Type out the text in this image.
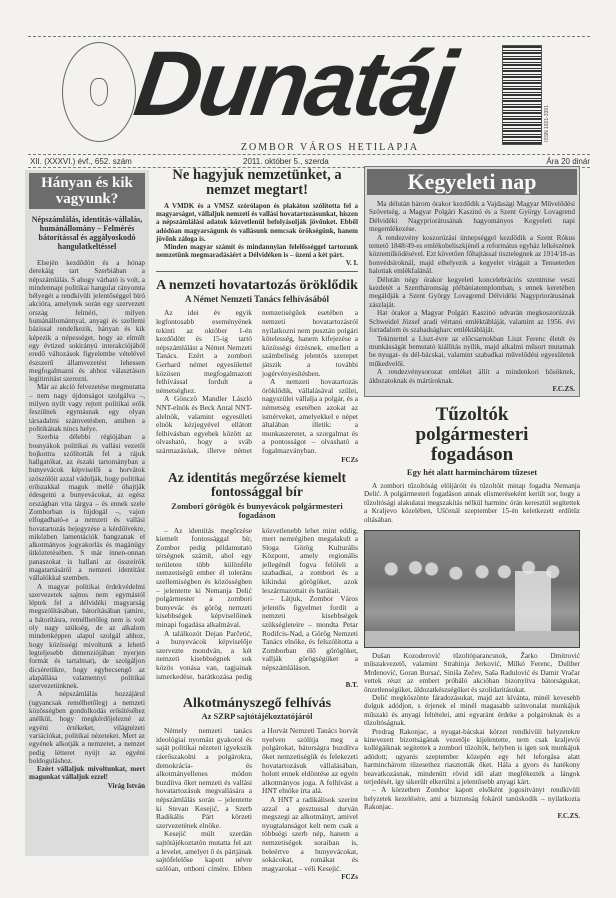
Dunatáj	ISSN 1821-3391
ZOMBOR VÁROS HETILAPJA
XII. (XXXVI.) évf., 652. szám	2011. október 5., szerda	Ára 20 dinár
Hányan és kik vagyunk?
Népszámlálás, identitás-vállalás, humánállomány – Felmérés bátorítással és aggályoskodó hangulatkeltéssel

Elsején kezdődött és a hónap derekáig tart Szerbiában a népszámlálás. S ahogy várható is volt, a mindennapi politikai hangulat rányomta bélyegét a rendkívüli jelentőséggel bíró akcióra, amelynek során egy szervezett ország felméri, milyen humánállománnyal, anyagi és szellemi bázissal rendelkezik, hányan és kik képezik a népességet, hogy az elmúlt egy évtized sokirányú interakciójából eredő változások figyelembe vételével észszerű államvezetést lehessen megfogalmazni és ahhoz választáson legitimitást szerezni.

Már az akció felvezetése megmutatta – nem nagy újdonságot szolgálva –, milyen nyílt vagy rejtett politikai erők feszülnek egymásnak egy olyan társadalmi számvetésben, amiben a politikának nincs helye.

Szerbia délebbi régiójában a bosnyákok politikai és vallási vezetői bojkottra szólították fel a rájuk hallgatókat, az északi tartományban a bunyevácok képviselői a horvátok szószólóit azzal vádolják, hogy politikai erőszakkal maguk mellé óhajtják édesgetni a bunyevácokat, az egész országban vita tárgya – és ennek szele Zomborban is fújdogál –, vajon elfogadható-e a nemzeti és vallási hovatartozás bejegyzése a kérdőívekre, miközben lamentációk hangzanak el alkotmányos jogyakorlás és magánügy ütköztetésében. S már innen-onnan panaszokat is hallani az összeírók magatartásáról a nemzeti identitást vállalókkal szemben.

A magyar politikai érdekvédelmi szervezetek sajnos nem egymástól léptek fel a délvidéki magyarság megszólításában, bátorításában (amire, a bátorításra, remélhetőleg nem is volt oly nagy szükség, de az alkalom mindenképpen alapul szolgál ahhoz, hogy közösségi mivoltunk a lehető legteljesebb dimenziójában nyerjen formát és tartalmat), de szolgáljon dicséretükre, hogy egybecsengő az alapállása valamennyi politikai szervezetünknek.

A népszámlálás hozzájárul (ugyancsak remélhetőleg) a nemzeti közösségben gondolkodás erősítéséhez anélkül, hogy megkérdőjelezné az egyéni értékeket, világnézeti variációkat, politikai nézeteket. Mert az egyének alkotják a nemzetet, a nemzet pedig létteret nyújt az egyéni boldoguláshoz.

Ezért vállaljuk mivoltunkat, mert magunkat vállaljuk ezzel!

Virág István
Ne hagyjuk nemzetünket, a nemzet megtart!

A VMDK és a VMSZ szórólapon és plakáton szólította fel a magyarságot, vállaljuk nemzeti és vallási hovatartozásunkat, hiszen a népszámlálási adatok közvetlenül befolyásolják jövőnket. Ebből adódóan magyarságunk és vallásunk nemcsak örökségünk, hanem jövőnk záloga is.

Minden magyar számít és mindannyian felelősséggel tartozunk nemzetünk megmaradásáért a Délvidéken is – üzeni a két párt.

V. I.
A nemzeti hovatartozás öröklődik
A Német Nemzeti Tanács felhívásából

Az idei év egyik legfontosabb eseményének tekinti az október 1-én kezdődött és 15-ig tartó népszámlálást a Német Nemzeti Tanács. Ezért a zombori Gerhard német egyesülettel közösen megfogalmazott felhívással fordult a németséghez.

A Gönczö Mandler László NNT-elnök és Beck Antal NNT-alelnök, valamint egyesületi elnök kézjegyével ellátott felhívásban egyebek között az olvasható, hogy a sváb származásúak, illetve német nemzetiségűek esetében a nemzeti hovatartozásról nyilatkozni nem pusztán polgári kötelesség, hanem kifejezése a közösségi érzésnek, emellett a számbeliség jelentős szerepet játszik a további jogérvényesítésben.

A nemzeti hovatartozás öröklődik, vállalásával szülei, nagyszülei vállalja a polgár, és a németség esetében azokat az ismérveket, amelyekkel e népet általában illetik: a munkaszeretet, a szorgalmat és a pontosságot – olvasható a fogalmazványban.

FCZs
Az identitás megőrzése kiemelt fontossággal bír
Zombori görögök és bunyevácok polgármesteri fogadáson

– Az identitás megőrzése kiemelt fontossággal bír, Zombor pedig példamutató térségnek számít, ahol egy területen több különféle nemzetiségű ember él toleráns szellemiségben és közösségben – jelentette ki Nemanja Delić polgármester a zombori bunyevác és görög nemzeti kisebbségek képviselőinek minapi fogadása alkalmával.

A találkozót Dejan Parčetić, a bunyevácok képviselője szervezte mondván, a két nemzeti kisebbségnek sok közös vonása van, tagjainak ismerkedése, barátkozása pedig közvetlenebb lehet mint eddig, mert nemrégiben megalakult a Sloga Görög Kulturális Központ, amely regionális jellegénél fogva felöleli a szabadkai, a zombori és a kikindai görögöket, azok leszármazottait és barátait.

– Látjuk, Zombor Város jelentős figyelmet fordít a nemzeti kisebbségek szükségleteire – mondta Petar Rodifcis-Nad, a Görög Nemzeti Tanács elnöke, és felszólította a Zomborban élő görögöket, vallják görögségüket a népszámláláson.

B.T.
Alkotmányszegő felhívás
Az SZRP sajtótájékoztatójáról

Némely nemzeti tanács ideológiai nyomást gyakorol és saját politikai nézeteit igyekszik ráerőszakolni a polgárokra, demokrácia- és alkotmányellenes módon buzdítva őket nemzeti és vallási hovatartozásuk megvallására a népszámlálás során – jelentette ki Stevan Kesejić, a Szerb Radikális Párt körzeti szervezetének elnöke.

Kesejić múlt szerdán sajtótájékoztatón mutatta fel azt a levelet, amelyet ő és pártjának sajtófelelőse kapott névre szólóan, otthoni címére. Ebben a Horvát Nemzeti Tanács horvát nyelven szólítja meg a polgárokat, bátorságra buzdítva őket nemzetiségük és felekezeti hovatartozásuk vállalásában, holott ennek eldöntése az egyén alkotmányos joga. A felhívást a HNT elnöke írta alá.

A HNT a radikálisok szerint azzal a gesztussal durván megszegi az alkotmányt, amivel nyugtalanságot kelt nem csak a többségi szerb nép, hanem a nemzetiségek soraiban is, beleértve a bunyevácokat, sokácokat, romákat és magyarokat – véli Kesejić.

FCZs
Kegyeleti nap

Ma délután három órakor kezdődik a Vajdasági Magyar Művelődési Szövetség, a Magyar Polgári Kaszinó és a Szent György Lovagrend Délvidéki Nagypriorátusának hagyományos Kegyeleti napi megemlékezése.

A rendezvény koszorúzási ünnepséggel kezdődik a Szent Rókus temető 1848/49-es emlékobeliszkjénél a református egyház lelkészének közreműködésével. Ezt követően főhajtással tisztelegnek az 1914/18-as honvédsíroknál, majd elhelyezik a kegyelet virágait a Tenuetetlen halottak emlékfalánál.

Délután négy órakor kegyeleti koncelebrációs szentmise veszi kezdetét a Szentháromság plébániatemplomban, s ennek keretében megáldják a Szent György Lovagrend Délvidéki Nagypriorátusának zászlaját.

Hat órakor a Magyar Polgári Kaszinó udvarán megkoszorúzzák Schweidel József aradi vértanú emléktábláját, valamint az 1956. évi forradalom és szabadságharc emléktábláját.

Tekintettel a Liszt-évre az előcsarnokban Liszt Ferenc életét és munkásságát bemutató kiállítás nyílik, majd alkalmi műsort mutatnak be nyugat- és dél-bácskai, valamint szabadkai művelődési egyesületek műkedvelői.

A rendezvénysorozat emléket állít a mindenkori hősöknek, áldozatoknak és mártíroknak.

F.C.ZS.
Tűzoltók polgármesteri fogadáson
Egy hét alatt harminchárom tűzeset
A zombori tűzoltóság elöljáróit és tűzoltóit minap fogadta Nemanja Delić. A polgármesteri fogadáson annak elismeréseként került sor, hogy a tűzoltósági alakulatai megszakítás nélkül harminc órán keresztül segítettek a Kraljevo közelében, Ušćenál szeptember 15-én keletkezett erdőtűz oltásában.

Dušan Kozoderović tűzoltóparancsnok, Žarko Dmitrović műszakvezető, valamint Strahinja Jerković, Milkó Ferenc, Duliber Mrđenović, Goran Bursać, Siniša Zečev, Saša Radulović és Damir Vračar vettek részt az embert próbáló akcióban bizonyítva bátorságukat, önzetlenségüket, áldozatkészségüket és szolidaritásukat.

Delić megköszönte fáradozásukat, majd azt kívánta, minél kevesebb dolguk adódjon, s érjenek el minél magasabb színvonalat munkájuk műszaki és anyagi feltételei, ami egyaránt érdeke a polgároknak és a tűzoltóságnak.

Predrag Rakonjac, a nyugat-bácskai körzet rendkívüli helyzetekre kinevezett bizottságának vezetője kijelentette, nem csak kraljevói kollégáiknak segítettek a zombori tűzoltók, helyben is igen sok munkájuk adódott; ugyanis szeptember közepén egy hét leforgása alatt harminchárom tűzesethez riasztották őket. Hála a gyors és hatékony beavatkozásnak, mindenütt rövid idő alatt megfékezték a lángok terjedését, így sikerült elkerülni a jelentősebb anyagi kárt.

– A körzetben Zombor kapott elsőként jogosítványt rendkívüli helyzetek kezelésére, ami a biztonság fokáról tanúskodik – nyilatkozta Rakonjac.

F.C.ZS.
